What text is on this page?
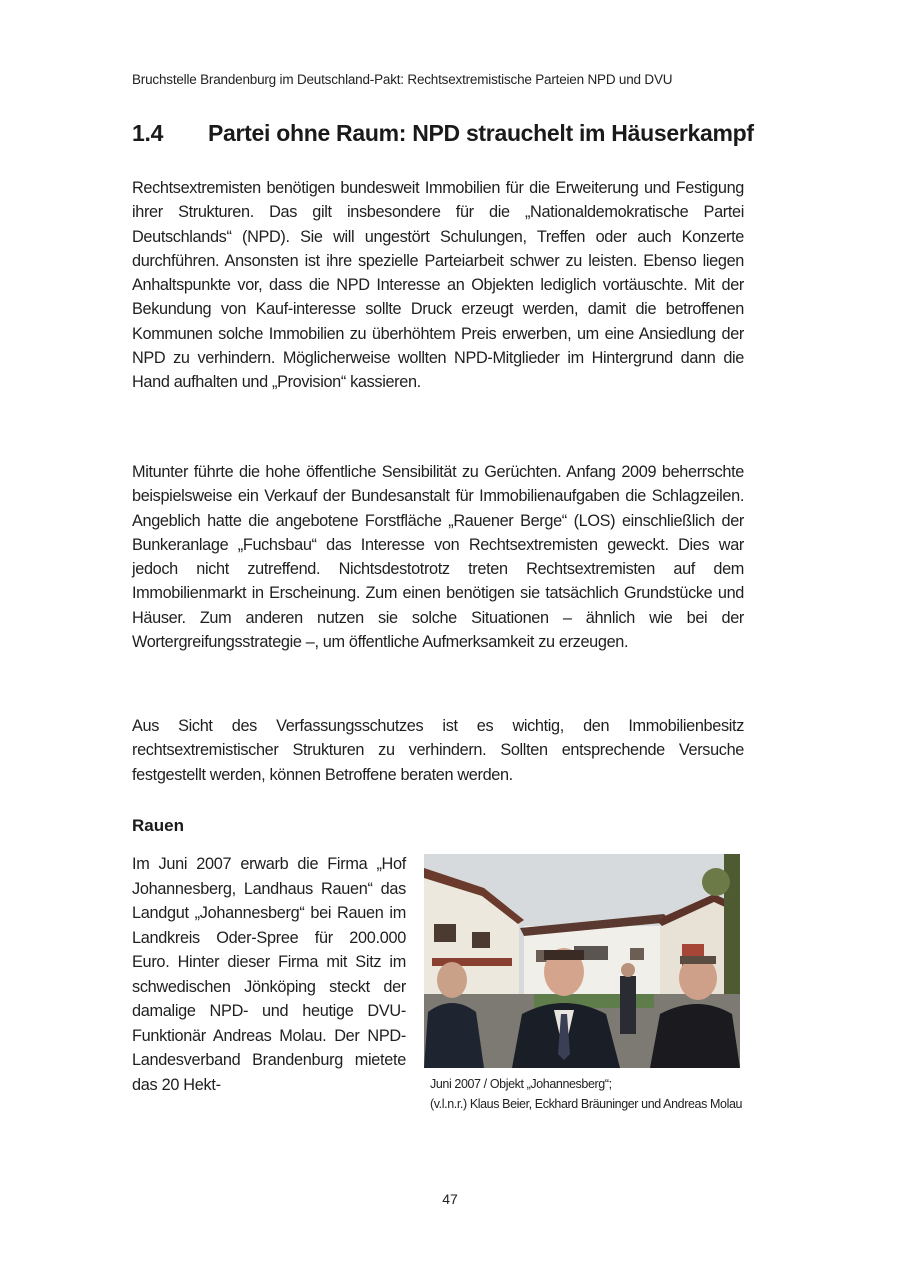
Bruchstelle Brandenburg im Deutschland-Pakt: Rechtsextremistische Parteien NPD und DVU
1.4 Partei ohne Raum: NPD strauchelt im Häuserkampf

Rechtsextremisten benötigen bundesweit Immobilien für die Erweiterung und Festigung ihrer Strukturen. Das gilt insbesondere für die „Nationaldemokratische Partei Deutschlands“ (NPD). Sie will ungestört Schulungen, Treffen oder auch Konzerte durchführen. Ansonsten ist ihre spezielle Parteiarbeit schwer zu leisten. Ebenso liegen Anhaltspunkte vor, dass die NPD Interesse an Objekten lediglich vortäuschte. Mit der Bekundung von Kauf-interesse sollte Druck erzeugt werden, damit die betroffenen Kommunen solche Immobilien zu überhöhtem Preis erwerben, um eine Ansiedlung der NPD zu verhindern. Möglicherweise wollten NPD-Mitglieder im Hintergrund dann die Hand aufhalten und „Provision“ kassieren.

Mitunter führte die hohe öffentliche Sensibilität zu Gerüchten. Anfang 2009 beherrschte beispielsweise ein Verkauf der Bundesanstalt für Immobilienaufgaben die Schlagzeilen. Angeblich hatte die angebotene Forstfläche „Rauener Berge“ (LOS) einschließlich der Bunkeranlage „Fuchsbau“ das Interesse von Rechtsextremisten geweckt. Dies war jedoch nicht zutreffend. Nichtsdestotrotz treten Rechtsextremisten auf dem Immobilienmarkt in Erscheinung. Zum einen benötigen sie tatsächlich Grundstücke und Häuser. Zum anderen nutzen sie solche Situationen – ähnlich wie bei der Wortergreifungsstrategie –, um öffentliche Aufmerksamkeit zu erzeugen.

Aus Sicht des Verfassungsschutzes ist es wichtig, den Immobilienbesitz rechtsextremistischer Strukturen zu verhindern. Sollten entsprechende Versuche festgestellt werden, können Betroffene beraten werden.

Rauen

Im Juni 2007 erwarb die Firma „Hof Johannesberg, Landhaus Rauen“ das Landgut „Johannesberg“ bei Rauen im Landkreis Oder-Spree für 200.000 Euro. Hinter dieser Firma mit Sitz im schwedischen Jönköping steckt der damalige NPD- und heutige DVU-Funktionär Andreas Molau. Der NPD-Landesverband Brandenburg mietete das 20 Hekt-	Juni 2007 / Objekt „Johannesberg“;
(v.l.n.r.) Klaus Beier, Eckhard Bräuninger und Andreas Molau
47
